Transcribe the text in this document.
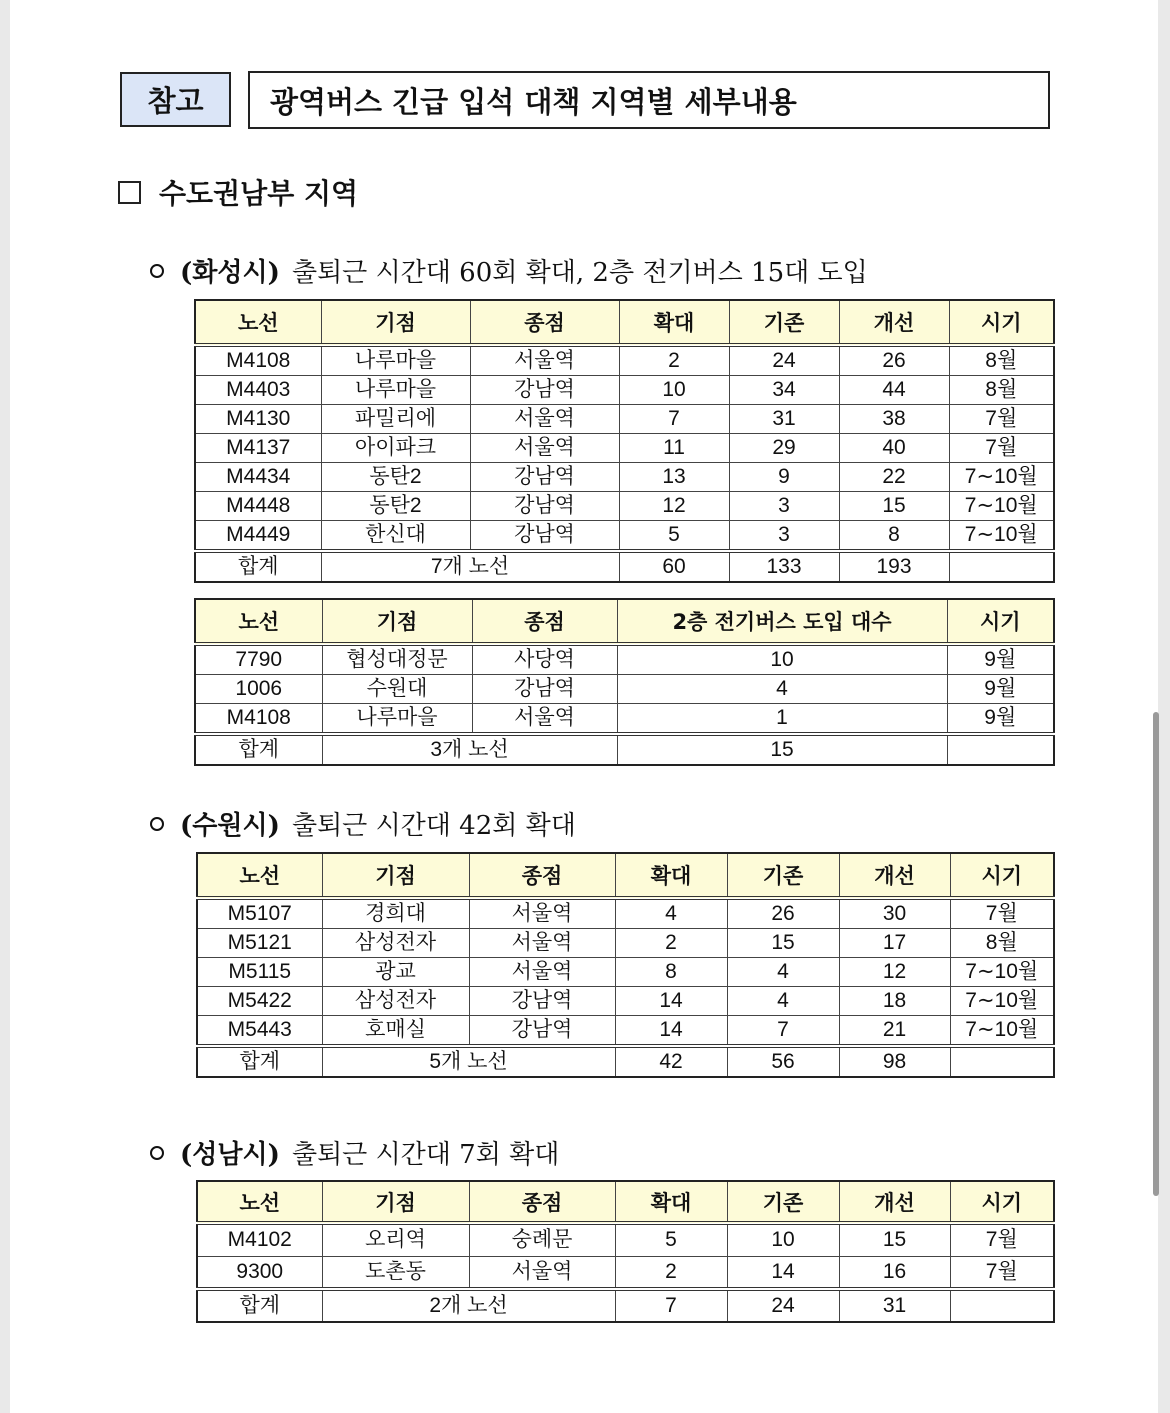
참고	광역버스 긴급 입석 대책 지역별 세부내용
수도권남부 지역
(화성시) 출퇴근 시간대 60회 확대, 2층 전기버스 15대 도입
노선	기점	종점	확대	기존	개선	시기
M4108	나루마을	서울역	2	24	26	8월
M4403	나루마을	강남역	10	34	44	8월
M4130	파밀리에	서울역	7	31	38	7월
M4137	아이파크	서울역	11	29	40	7월
M4434	동탄2	강남역	13	9	22	7∼10월
M4448	동탄2	강남역	12	3	15	7∼10월
M4449	한신대	강남역	5	3	8	7∼10월
합계	7개 노선		60	133	193	
노선	기점	종점	2층 전기버스 도입 대수	시기
7790	협성대정문	사당역	10	9월
1006	수원대	강남역	4	9월
M4108	나루마을	서울역	1	9월
합계	3개 노선		15	
(수원시) 출퇴근 시간대 42회 확대
노선	기점	종점	확대	기존	개선	시기
M5107	경희대	서울역	4	26	30	7월
M5121	삼성전자	서울역	2	15	17	8월
M5115	광교	서울역	8	4	12	7∼10월
M5422	삼성전자	강남역	14	4	18	7∼10월
M5443	호매실	강남역	14	7	21	7∼10월
합계	5개 노선		42	56	98	
(성남시) 출퇴근 시간대 7회 확대
노선	기점	종점	확대	기존	개선	시기
M4102	오리역	숭례문	5	10	15	7월
9300	도촌동	서울역	2	14	16	7월
합계	2개 노선		7	24	31	
